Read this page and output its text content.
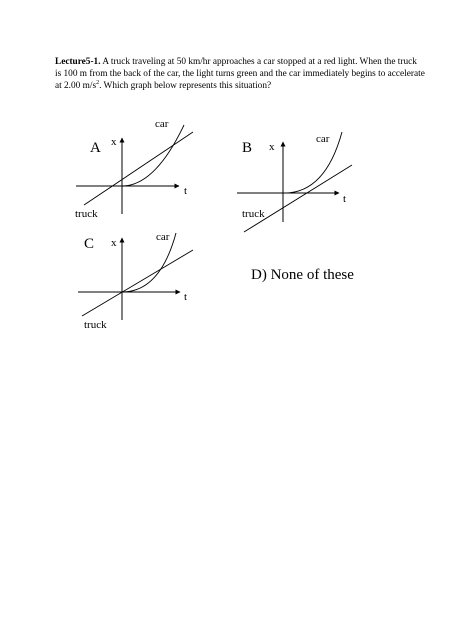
Lecture5-1. A truck traveling at 50 km/hr approaches a car stopped at a red light. When the truck is 100 m from the back of the car, the light turns green and the car immediately begins to accelerate at 2.00 $m/s^2$. Which graph below represents this situation?
A x
t
car
truck
B x
t
car
truck
C x
t
car
truck
D) None of these
